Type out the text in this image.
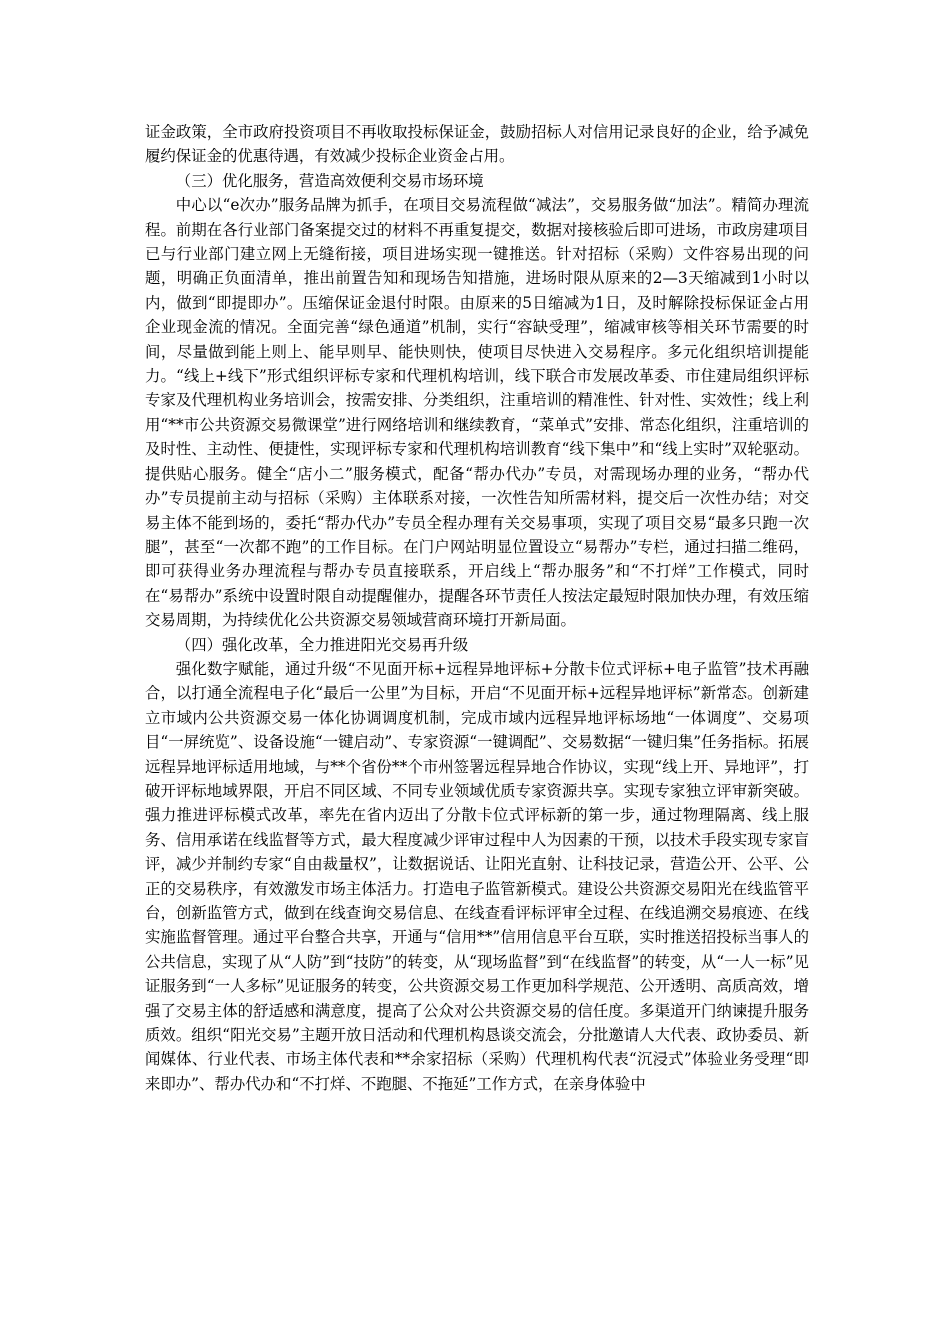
证金政策，全市政府投资项目不再收取投标保证金，鼓励招标人对信用记录良好的企业，给予减免履约保证金的优惠待遇，有效减少投标企业资金占用。

（三）优化服务，营造高效便利交易市场环境

中心以“e次办”服务品牌为抓手，在项目交易流程做“减法”，交易服务做“加法”。精简办理流程。前期在各行业部门备案提交过的材料不再重复提交，数据对接核验后即可进场，市政房建项目已与行业部门建立网上无缝衔接，项目进场实现一键推送。针对招标（采购）文件容易出现的问题，明确正负面清单，推出前置告知和现场告知措施，进场时限从原来的2—3天缩减到1小时以内，做到“即提即办”。压缩保证金退付时限。由原来的5日缩减为1日，及时解除投标保证金占用企业现金流的情况。全面完善“绿色通道”机制，实行“容缺受理”，缩减审核等相关环节需要的时间，尽量做到能上则上、能早则早、能快则快，使项目尽快进入交易程序。多元化组织培训提能力。“线上+线下”形式组织评标专家和代理机构培训，线下联合市发展改革委、市住建局组织评标专家及代理机构业务培训会，按需安排、分类组织，注重培训的精准性、针对性、实效性；线上利用“**市公共资源交易微课堂”进行网络培训和继续教育，“菜单式”安排、常态化组织，注重培训的及时性、主动性、便捷性，实现评标专家和代理机构培训教育“线下集中”和“线上实时”双轮驱动。提供贴心服务。健全“店小二”服务模式，配备“帮办代办”专员，对需现场办理的业务，“帮办代办”专员提前主动与招标（采购）主体联系对接，一次性告知所需材料，提交后一次性办结；对交易主体不能到场的，委托“帮办代办”专员全程办理有关交易事项，实现了项目交易“最多只跑一次腿”，甚至“一次都不跑”的工作目标。在门户网站明显位置设立“易帮办”专栏，通过扫描二维码，即可获得业务办理流程与帮办专员直接联系，开启线上“帮办服务”和“不打烊”工作模式，同时在“易帮办”系统中设置时限自动提醒催办，提醒各环节责任人按法定最短时限加快办理，有效压缩交易周期，为持续优化公共资源交易领域营商环境打开新局面。

（四）强化改革，全力推进阳光交易再升级

强化数字赋能，通过升级“不见面开标+远程异地评标+分散卡位式评标+电子监管”技术再融合，以打通全流程电子化“最后一公里”为目标，开启“不见面开标+远程异地评标”新常态。创新建立市域内公共资源交易一体化协调调度机制，完成市域内远程异地评标场地“一体调度”、交易项目“一屏统览”、设备设施“一键启动”、专家资源“一键调配”、交易数据“一键归集”任务指标。拓展远程异地评标适用地域，与**个省份**个市州签署远程异地合作协议，实现“线上开、异地评”，打破开评标地域界限，开启不同区域、不同专业领域优质专家资源共享。实现专家独立评审新突破。强力推进评标模式改革，率先在省内迈出了分散卡位式评标新的第一步，通过物理隔离、线上服务、信用承诺在线监督等方式，最大程度减少评审过程中人为因素的干预，以技术手段实现专家盲评，减少并制约专家“自由裁量权”，让数据说话、让阳光直射、让科技记录，营造公开、公平、公正的交易秩序，有效激发市场主体活力。打造电子监管新模式。建设公共资源交易阳光在线监管平台，创新监管方式，做到在线查询交易信息、在线查看评标评审全过程、在线追溯交易痕迹、在线实施监督管理。通过平台整合共享，开通与“信用**”信用信息平台互联，实时推送招投标当事人的公共信息，实现了从“人防”到“技防”的转变，从“现场监督”到“在线监督”的转变，从“一人一标”见证服务到“一人多标”见证服务的转变，公共资源交易工作更加科学规范、公开透明、高质高效，增强了交易主体的舒适感和满意度，提高了公众对公共资源交易的信任度。多渠道开门纳谏提升服务质效。组织“阳光交易”主题开放日活动和代理机构恳谈交流会，分批邀请人大代表、政协委员、新闻媒体、行业代表、市场主体代表和**余家招标（采购）代理机构代表“沉浸式”体验业务受理“即来即办”、帮办代办和“不打烊、不跑腿、不拖延”工作方式，在亲身体验中
